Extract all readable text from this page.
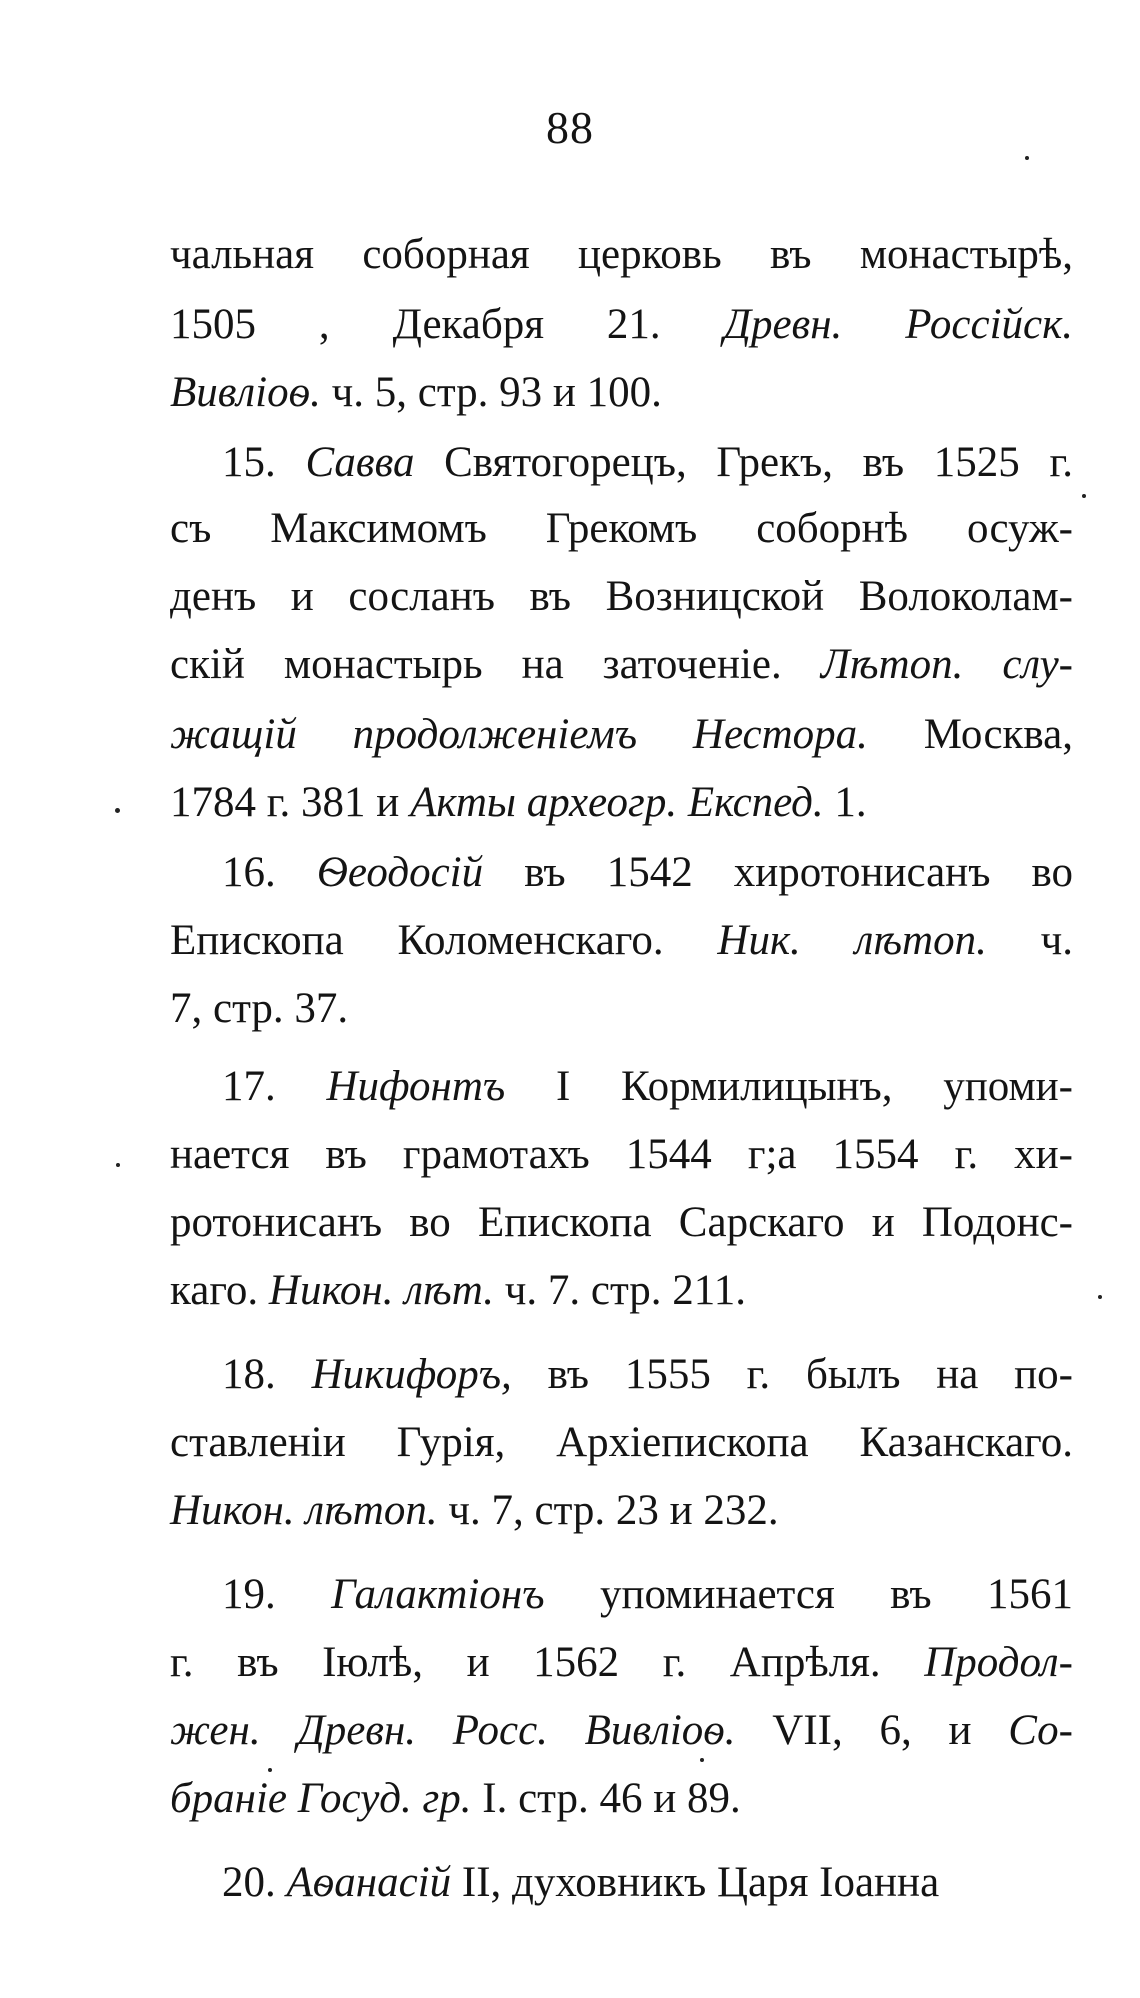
88
чальная соборная церковь въ монастырѣ,
1505 , Декабря 21. Древн. Россійск.
Вивліоѳ. ч. 5, стр. 93 и 100.
15. Савва Святогорецъ, Грекъ, въ 1525 г.
съ Максимомъ Грекомъ соборнѣ осуж-
денъ и сосланъ въ Возницской Волоколам-
скій монастырь на заточеніе. Лѣтоп. слу-
жащій продолженіемъ Нестора. Москва,
1784 г. 381 и Акты археогр. Експед. 1.
16. Ѳеодосій въ 1542 хиротонисанъ во
Епископа Коломенскаго. Ник. лѣтоп. ч.
7, стр. 37.
17. Нифонтъ I Кормилицынъ, упоми-
нается въ грамотахъ 1544 г;а 1554 г. хи-
ротонисанъ во Епископа Сарскаго и Подонс-
каго. Никон. лѣт. ч. 7. стр. 211.
18. Никифоръ, въ 1555 г. былъ на по-
ставленіи Гурія, Архіепископа Казанскаго.
Никон. лѣтоп. ч. 7, стр. 23 и 232.
19. Галактіонъ упоминается въ 1561
г. въ Іюлѣ, и 1562 г. Апрѣля. Продол-
жен. Древн. Росс. Вивліоѳ. VII, 6, и Со-
браніе Госуд. гр. I. стр. 46 и 89.
20. Аѳанасій II, духовникъ Царя Іоанна
